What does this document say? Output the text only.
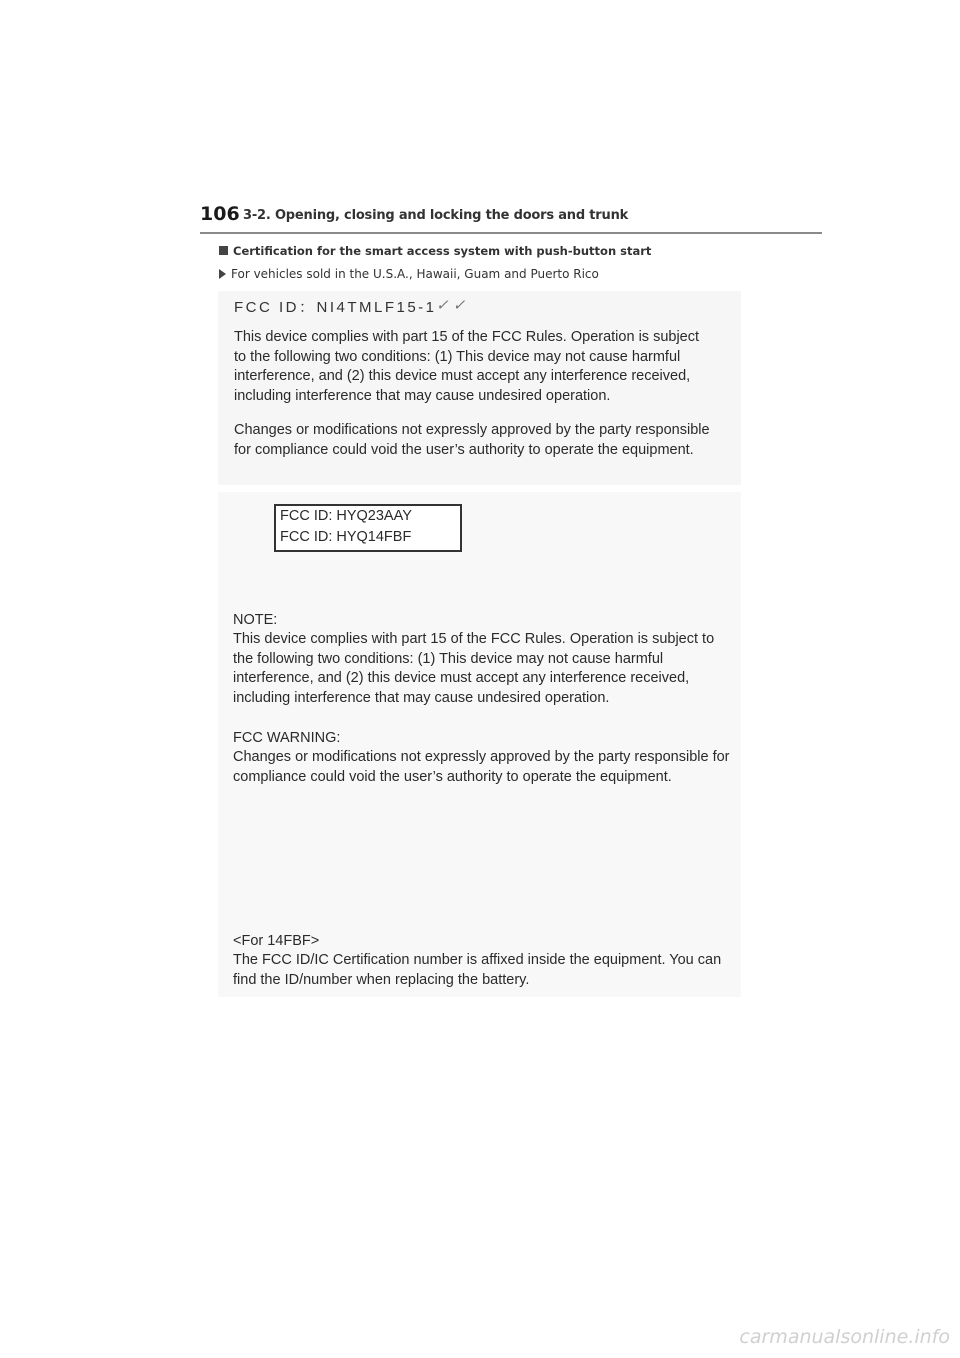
106 3-2. Opening, closing and locking the doors and trunk
Certification for the smart access system with push-button start
For vehicles sold in the U.S.A., Hawaii, Guam and Puerto Rico
FCC ID：NI4TMLF15-1 ✓ ✓
This device complies with part 15 of the FCC Rules. Operation is subject to the following two conditions: (1) This device may not cause harmful interference, and (2) this device must accept any interference received, including interference that may cause undesired operation.
Changes or modifications not expressly approved by the party responsible for compliance could void the user’s authority to operate the equipment.
FCC ID: HYQ23AAY
FCC ID: HYQ14FBF
NOTE:
This device complies with part 15 of the FCC Rules. Operation is subject to the following two conditions: (1) This device may not cause harmful interference, and (2) this device must accept any interference received, including interference that may cause undesired operation.
FCC WARNING:
Changes or modifications not expressly approved by the party responsible for compliance could void the user’s authority to operate the equipment.
<For 14FBF>
The FCC ID/IC Certification number is affixed inside the equipment. You can find the ID/number when replacing the battery.
carmanualsonline.info
